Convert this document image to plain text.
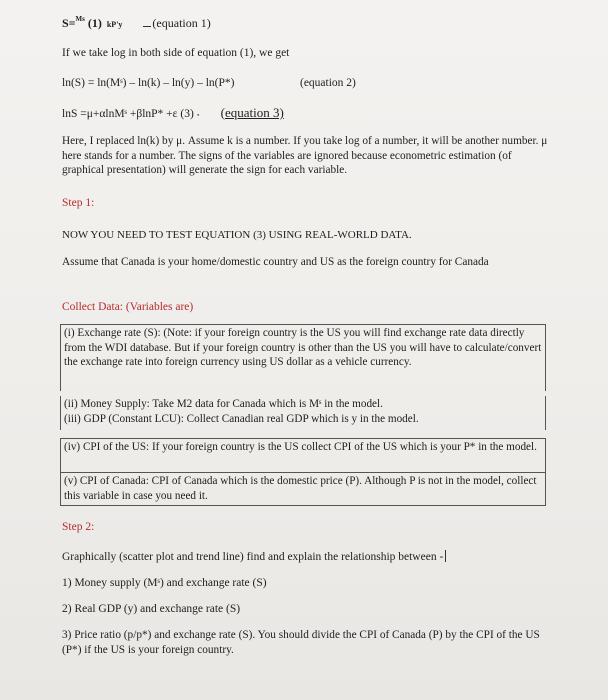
S=$^{Ms}$ (1) kP'y	(equation 1)
If we take log in both side of equation (1), we get
ln(S) = ln(Mˢ) – ln(k) – ln(y) – ln(P*)	(equation 2)
lnS =μ+αlnMˢ +βlnP* +ε (3) ⸳ (equation 3)
Here, I replaced ln(k) by μ. Assume k is a number. If you take log of a number, it will be another number. μ here stands for a number. The signs of the variables are ignored because econometric estimation (of graphical presentation) will generate the sign for each variable.
Step 1:
NOW YOU NEED TO TEST EQUATION (3) USING REAL-WORLD DATA.
Assume that Canada is your home/domestic country and US as the foreign country for Canada
Collect Data: (Variables are)
(i) Exchange rate (S): (Note: if your foreign country is the US you will find exchange rate data directly from the WDI database. But if your foreign country is other than the US you will have to calculate/convert the exchange rate into foreign currency using US dollar as a vehicle currency.
(ii) Money Supply: Take M2 data for Canada which is Mˢ in the model.
(iii) GDP (Constant LCU): Collect Canadian real GDP which is y in the model.
(iv) CPI of the US: If your foreign country is the US collect CPI of the US which is your P* in the model.
(v) CPI of Canada: CPI of Canada which is the domestic price (P). Although P is not in the model, collect this variable in case you need it.
Step 2:
Graphically (scatter plot and trend line) find and explain the relationship between -
1) Money supply (Mˢ) and exchange rate (S)
2) Real GDP (y) and exchange rate (S)
3) Price ratio (p/p*) and exchange rate (S). You should divide the CPI of Canada (P) by the CPI of the US (P*) if the US is your foreign country.
